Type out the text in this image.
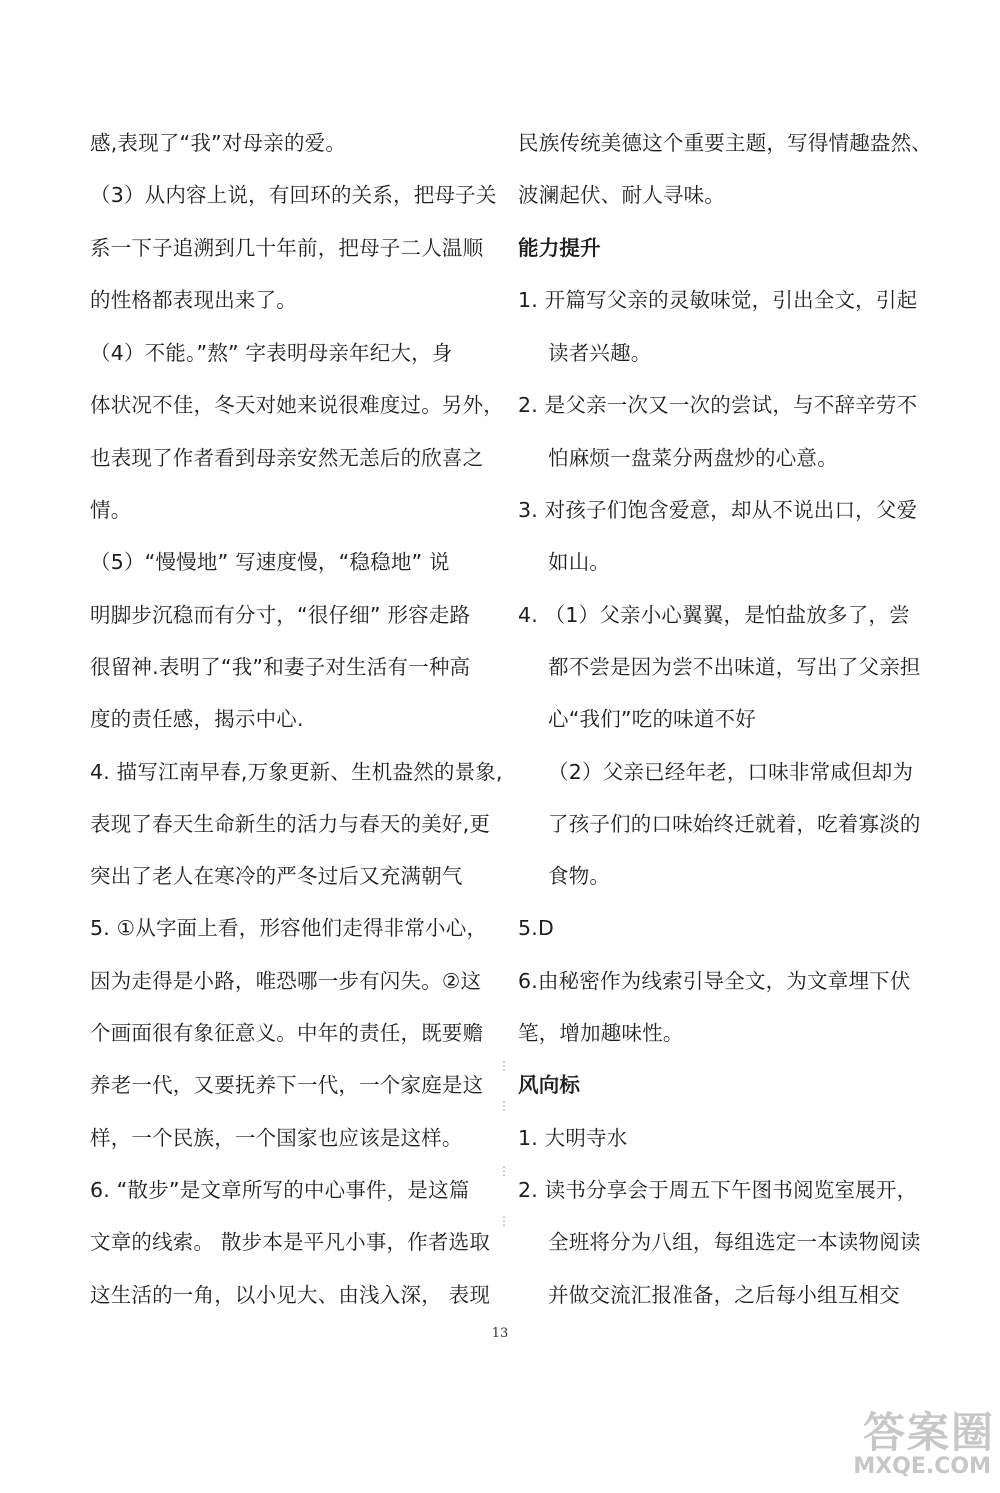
感,表现了“我”对母亲的爱。
（3）从内容上说，有回环的关系，把母子关
系一下子追溯到几十年前，把母子二人温顺
的性格都表现出来了。
（4）不能。”熬” 字表明母亲年纪大，身
体状况不佳，冬天对她来说很难度过。另外，
也表现了作者看到母亲安然无恙后的欣喜之
情。
（5）“慢慢地” 写速度慢，“稳稳地” 说
明脚步沉稳而有分寸，“很仔细” 形容走路
很留神.表明了“我”和妻子对生活有一种高
度的责任感，揭示中心.
4. 描写江南早春,万象更新、生机盎然的景象,
表现了春天生命新生的活力与春天的美好,更
突出了老人在寒冷的严冬过后又充满朝气
5. ①从字面上看，形容他们走得非常小心，
因为走得是小路，唯恐哪一步有闪失。②这
个画面很有象征意义。中年的责任，既要赡
养老一代，又要抚养下一代，一个家庭是这
样，一个民族，一个国家也应该是这样。
6. “散步”是文章所写的中心事件，是这篇
文章的线索。 散步本是平凡小事，作者选取
这生活的一角，以小见大、由浅入深， 表现
民族传统美德这个重要主题，写得情趣盎然、
波澜起伏、耐人寻味。
能力提升
1. 开篇写父亲的灵敏味觉，引出全文，引起
读者兴趣。
2. 是父亲一次又一次的尝试，与不辞辛劳不
怕麻烦一盘菜分两盘炒的心意。
3. 对孩子们饱含爱意，却从不说出口，父爱
如山。
4. （1）父亲小心翼翼，是怕盐放多了，尝
都不尝是因为尝不出味道，写出了父亲担
心“我们”吃的味道不好
（2）父亲已经年老，口味非常咸但却为
了孩子们的口味始终迁就着，吃着寡淡的
食物。
5.D
6.由秘密作为线索引导全文，为文章埋下伏
笔，增加趣味性。
风向标
1. 大明寺水
2. 读书分享会于周五下午图书阅览室展开，
全班将分为八组，每组选定一本读物阅读
并做交流汇报准备，之后每小组互相交
⋮
⋮
⋮
⋮
13
答案圈
MXQE.COM
